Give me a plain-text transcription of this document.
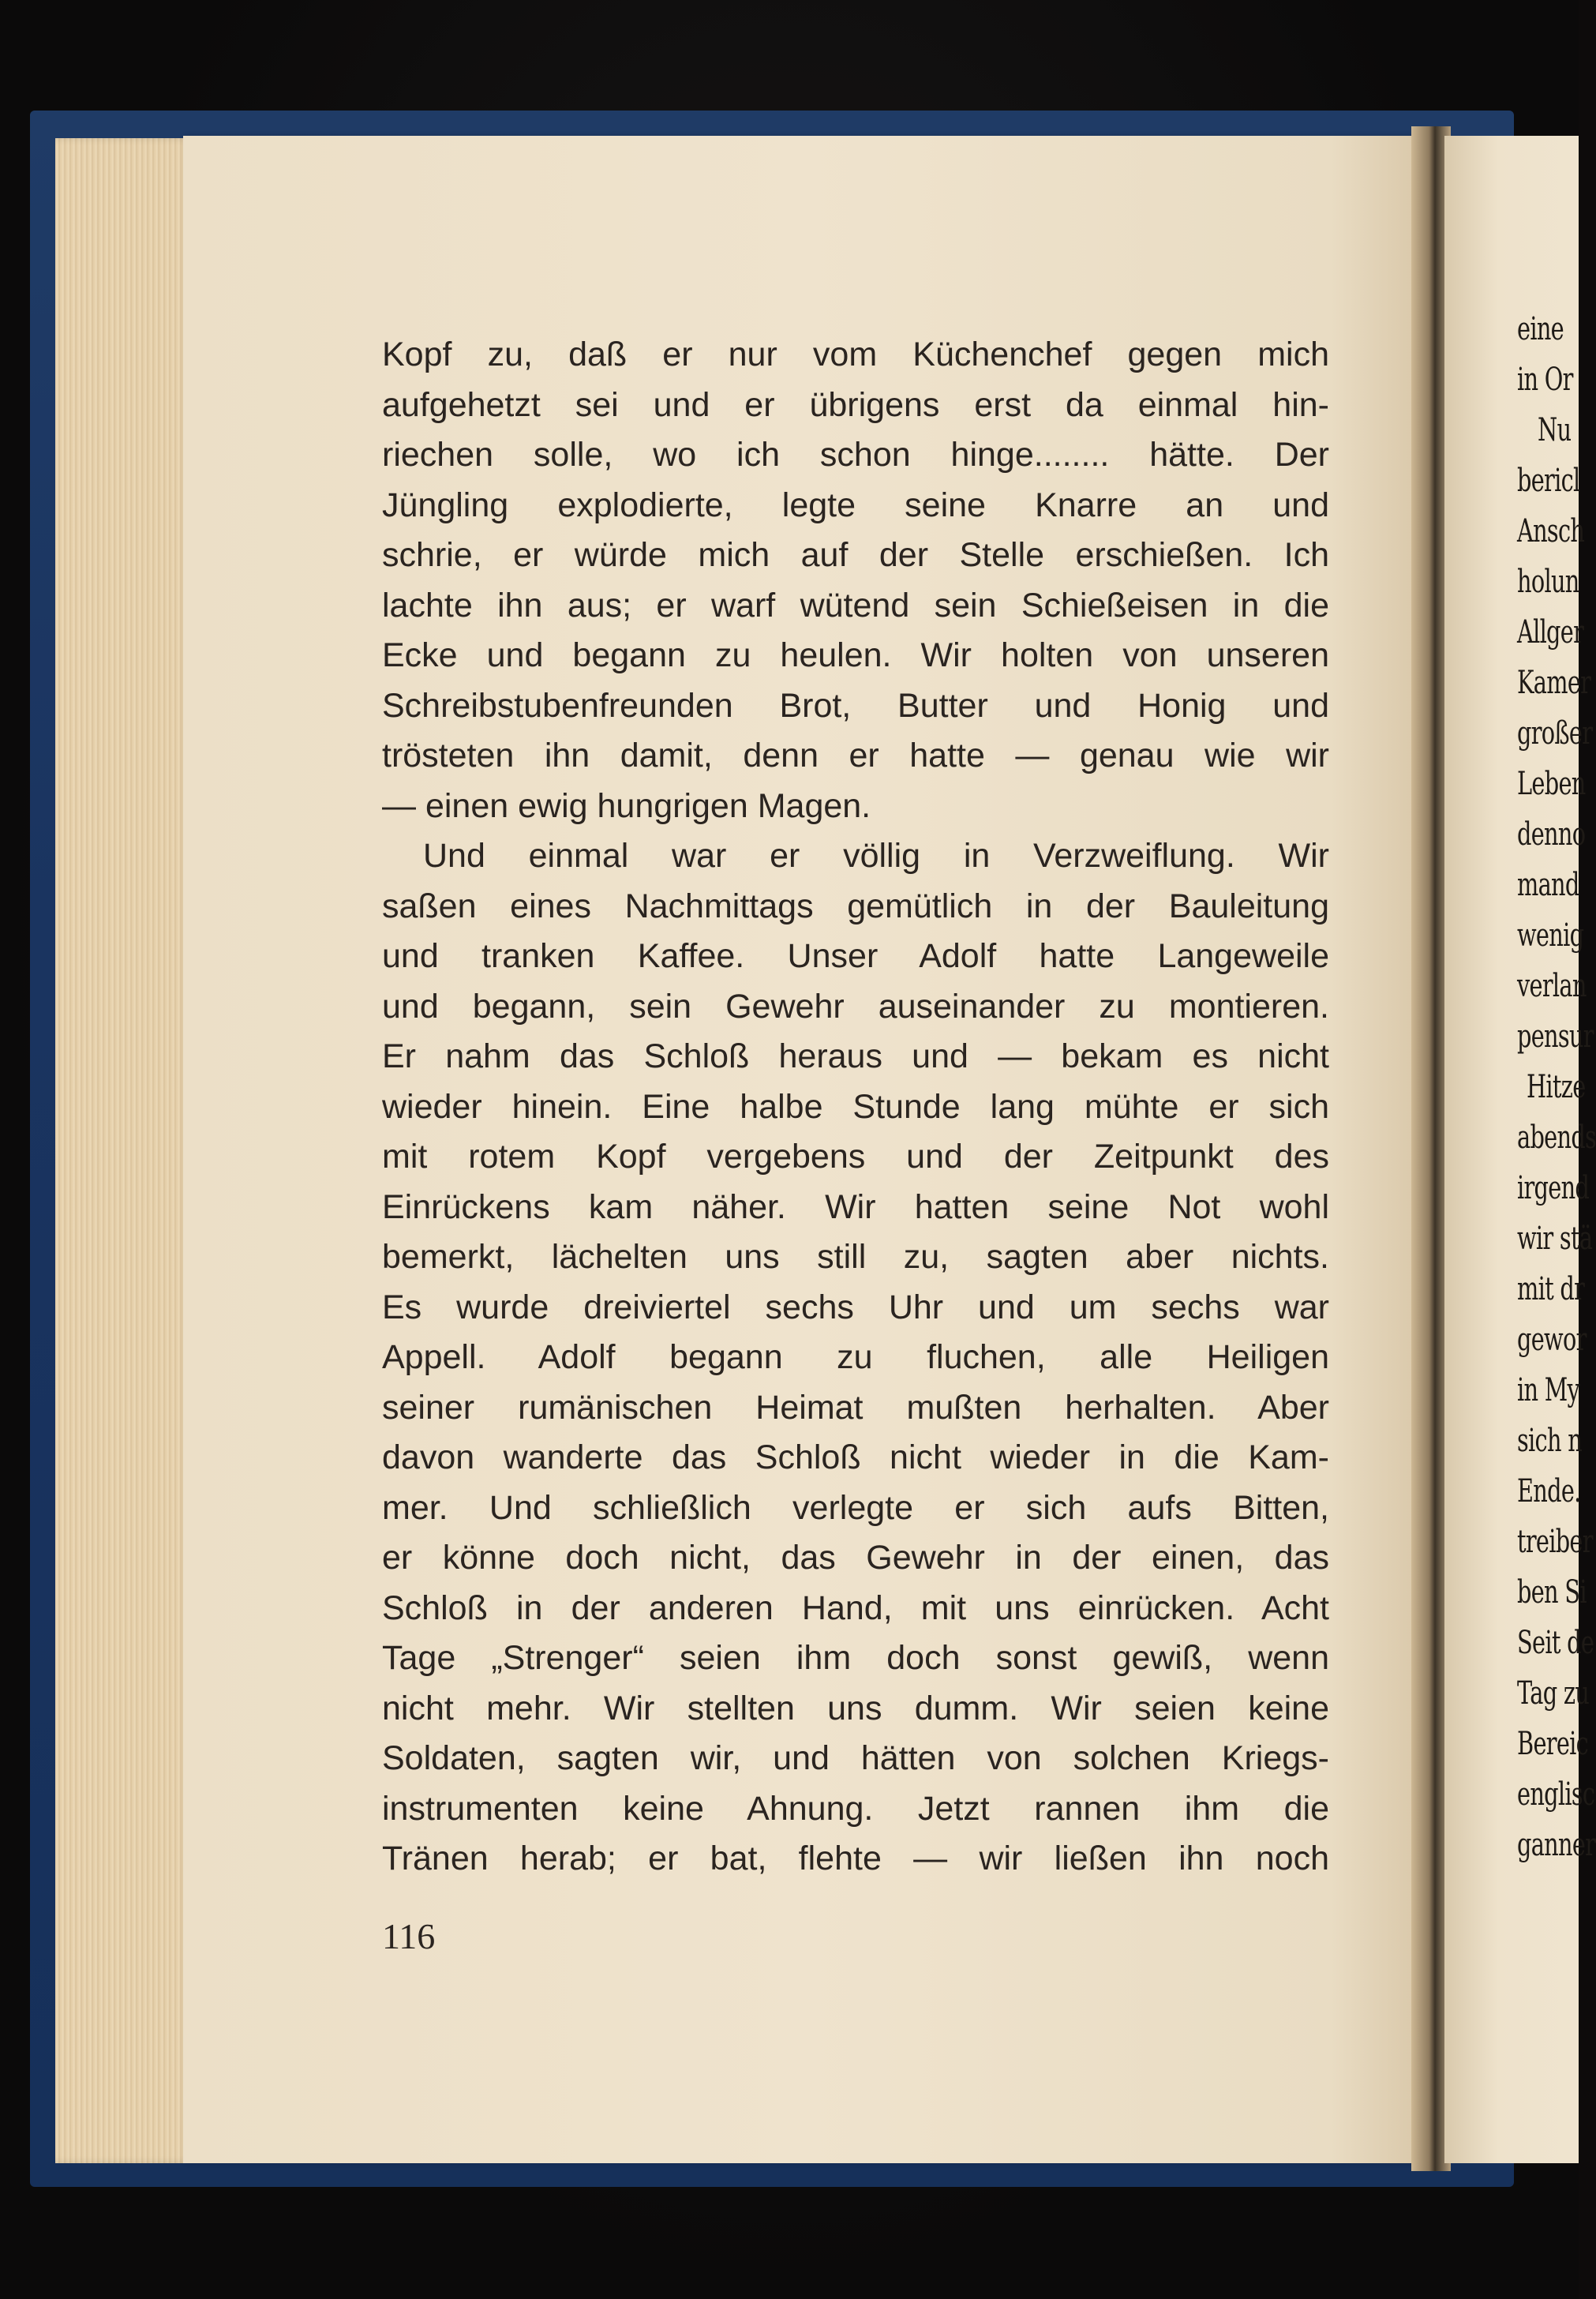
Kopf zu, daß er nur vom Küchenchef gegen mich

aufgehetzt sei und er übrigens erst da einmal hin-

riechen solle, wo ich schon hinge........ hätte. Der

Jüngling explodierte, legte seine Knarre an und

schrie, er würde mich auf der Stelle erschießen. Ich

lachte ihn aus; er warf wütend sein Schießeisen in die

Ecke und begann zu heulen. Wir holten von unseren

Schreibstubenfreunden Brot, Butter und Honig und

trösteten ihn damit, denn er hatte — genau wie wir

— einen ewig hungrigen Magen.

Und einmal war er völlig in Verzweiflung. Wir

saßen eines Nachmittags gemütlich in der Bauleitung

und tranken Kaffee. Unser Adolf hatte Langeweile

und begann, sein Gewehr auseinander zu montieren.

Er nahm das Schloß heraus und — bekam es nicht

wieder hinein. Eine halbe Stunde lang mühte er sich

mit rotem Kopf vergebens und der Zeitpunkt des

Einrückens kam näher. Wir hatten seine Not wohl

bemerkt, lächelten uns still zu, sagten aber nichts.

Es wurde dreiviertel sechs Uhr und um sechs war

Appell. Adolf begann zu fluchen, alle Heiligen

seiner rumänischen Heimat mußten herhalten. Aber

davon wanderte das Schloß nicht wieder in die Kam-

mer. Und schließlich verlegte er sich aufs Bitten,

er könne doch nicht, das Gewehr in der einen, das

Schloß in der anderen Hand, mit uns einrücken. Acht

Tage „Strenger“ seien ihm doch sonst gewiß, wenn

nicht mehr. Wir stellten uns dumm. Wir seien keine

Soldaten, sagten wir, und hätten von solchen Kriegs-

instrumenten keine Ahnung. Jetzt rannen ihm die

Tränen herab; er bat, flehte — wir ließen ihn noch

116

eine

in Or

Nu

bericl

Ansch

holun

Allger

Kamer

großer

Leben

denno

mand

wenig

verlan

pensur

Hitze

abends

irgend

wir stä

mit dr

gewor

in My

sich n

Ende.

treiber

ben Si

Seit de

Tag zu

Bereic

englisc

ganner
